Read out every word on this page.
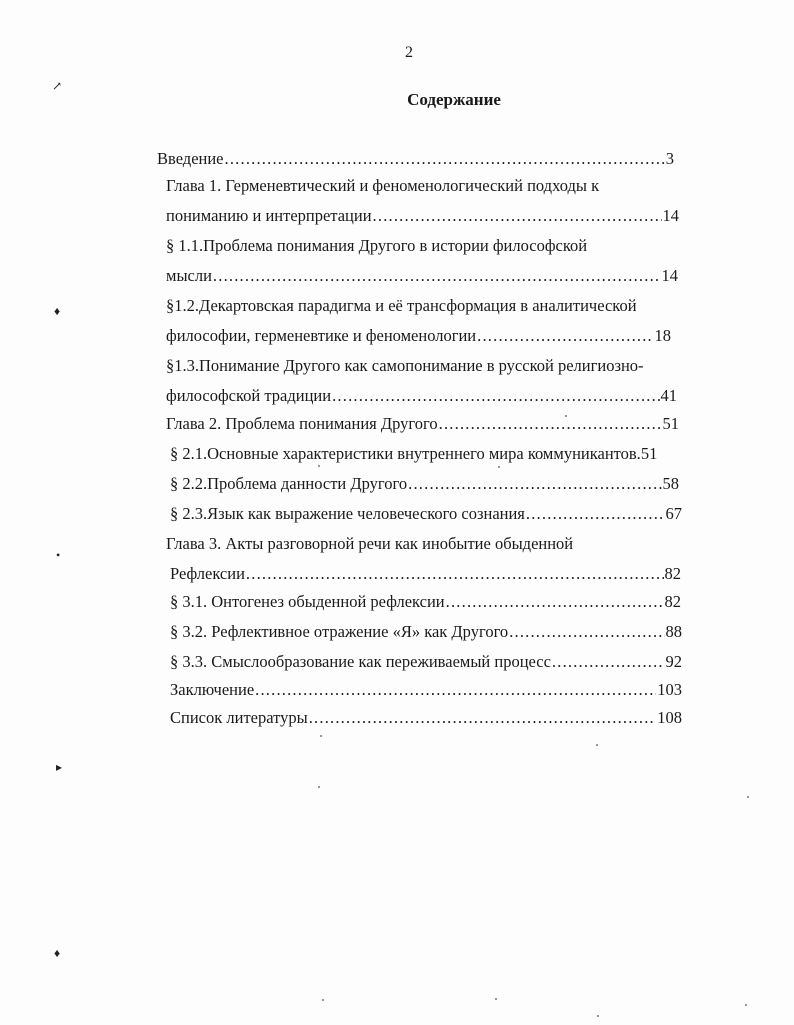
2
Содержание
Введение .....	3
Глава 1. Герменевтический и феноменологический подходы к
пониманию и интерпретации .....	14
§ 1.1.Проблема понимания Другого в истории философской
мысли .....	14
§1.2.Декартовская парадигма и её трансформация в аналитической
философии, герменевтике и феноменологии .....	18
§1.3.Понимание Другого как самопонимание в русской религиозно-
философской традиции .....	41
Глава 2. Проблема понимания Другого .....	51
§ 2.1.Основные характеристики внутреннего мира коммуникантов. 51
§ 2.2.Проблема данности Другого .....	58
§ 2.3.Язык как выражение человеческого сознания .....	67
Глава 3. Акты разговорной речи как инобытие обыденной
Рефлексии .....	82
§ 3.1. Онтогенез обыденной рефлексии .....	82
§ 3.2. Рефлективное отражение «Я» как Другого .....	88
§ 3.3. Смыслообразование как переживаемый процесс .....	92
Заключение .....	103
Список литературы .....	108
↗
♦
•
▸
♦
